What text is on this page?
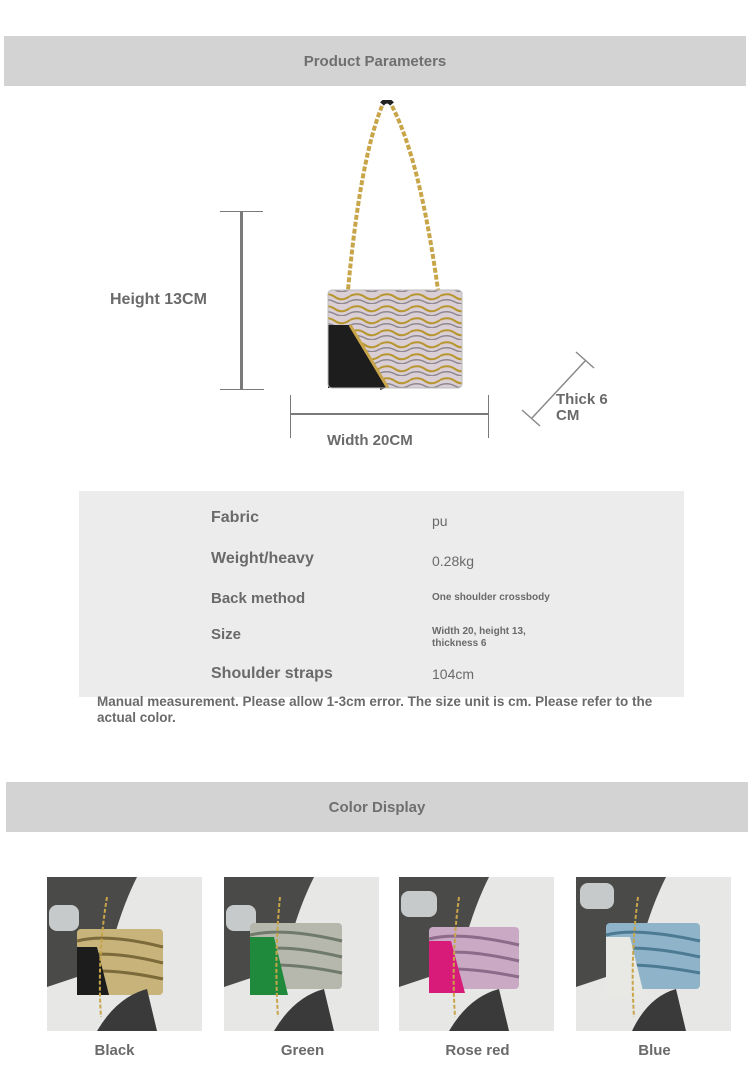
Product Parameters
Height 13CM
Width 20CM
Thick 6
CM
Fabric	pu
Weight/heavy	0.28kg
Back method	One shoulder crossbody
Size	Width 20, height 13,
thickness 6
Shoulder straps	104cm
Manual measurement. Please allow 1-3cm error. The size unit is cm. Please refer to the actual color.
Color Display
Black	Green	Rose red	Blue
